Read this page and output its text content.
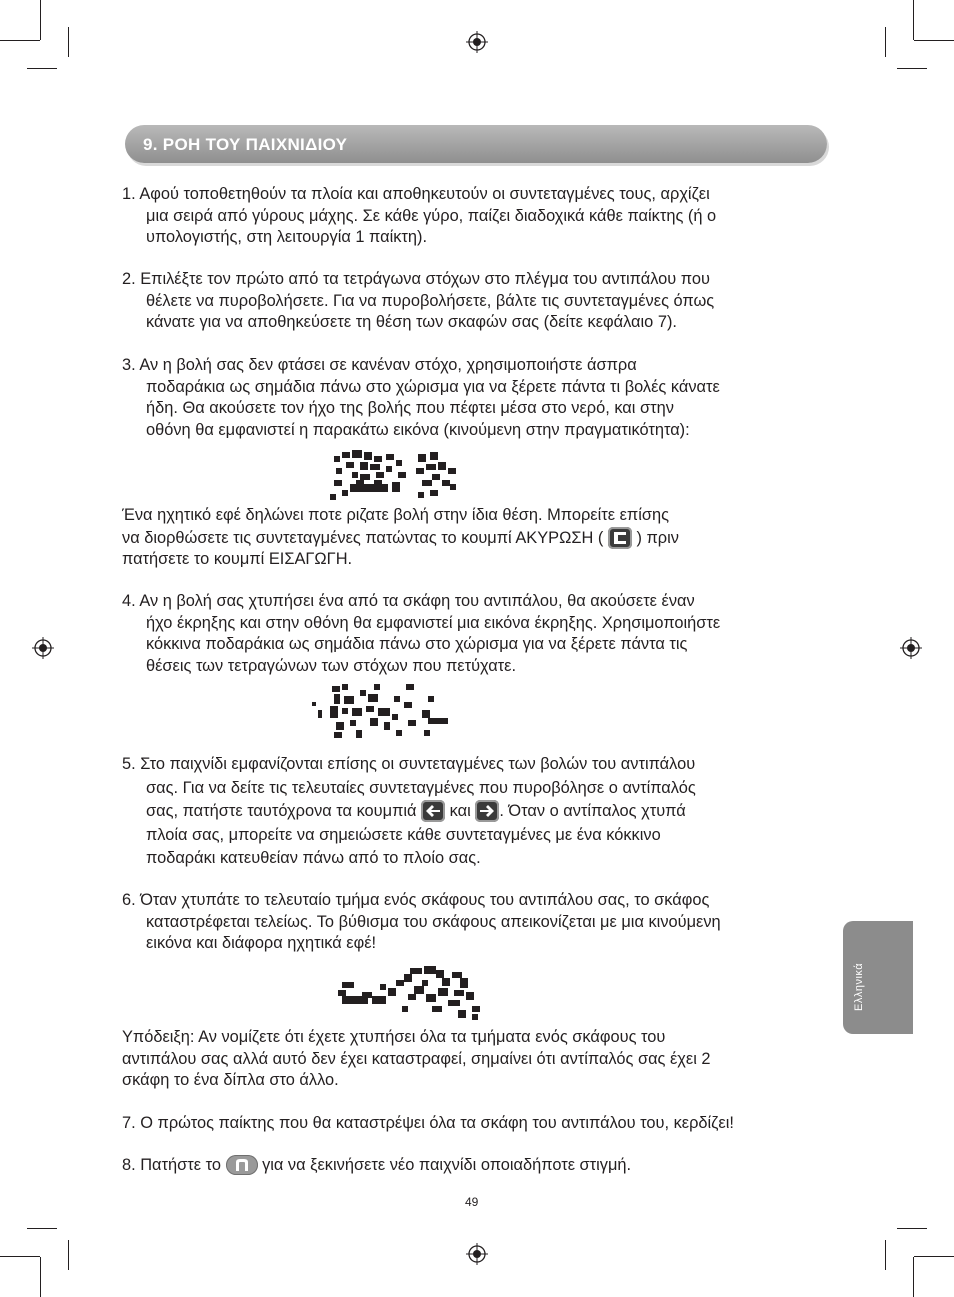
9. ΡΟΗ ΤΟΥ ΠΑΙΧΝΙΔΙΟΥ
1. Αφού τοποθετηθούν τα πλοία και αποθηκευτούν οι συντεταγμένες τους, αρχίζει
μια σειρά από γύρους μάχης. Σε κάθε γύρο, παίζει διαδοχικά κάθε παίκτης (ή ο
υπολογιστής, στη λειτουργία 1 παίκτη).
2. Επιλέξτε τον πρώτο από τα τετράγωνα στόχων στο πλέγμα του αντιπάλου που
θέλετε να πυροβολήσετε. Για να πυροβολήσετε, βάλτε τις συντεταγμένες όπως
κάνατε για να αποθηκεύσετε τη θέση των σκαφών σας (δείτε κεφάλαιο 7).
3. Αν η βολή σας δεν φτάσει σε κανέναν στόχο, χρησιμοποιήστε άσπρα
ποδαράκια ως σημάδια πάνω στο χώρισμα για να ξέρετε πάντα τι βολές κάνατε
ήδη. Θα ακούσετε τον ήχο της βολής που πέφτει μέσα στο νερό, και στην
οθόνη θα εμφανιστεί η παρακάτω εικόνα (κινούμενη στην πραγματικότητα):
Ένα ηχητικό εφέ δηλώνει ποτε ριζατε βολή στην ίδια θέση. Μπορείτε επίσης
να διορθώσετε τις συντεταγμένες πατώντας το κουμπί ΑΚΥΡΩΣΗ ( ) πριν
πατήσετε το κουμπί ΕΙΣΑΓΩΓΗ.
4. Αν η βολή σας χτυπήσει ένα από τα σκάφη του αντιπάλου, θα ακούσετε έναν
ήχο έκρηξης και στην οθόνη θα εμφανιστεί μια εικόνα έκρηξης. Χρησιμοποιήστε
κόκκινα ποδαράκια ως σημάδια πάνω στο χώρισμα για να ξέρετε πάντα τις
θέσεις των τετραγώνων των στόχων που πετύχατε.
5. Στο παιχνίδι εμφανίζονται επίσης οι συντεταγμένες των βολών του αντιπάλου
σας. Για να δείτε τις τελευταίες συντεταγμένες που πυροβόλησε ο αντίπαλός
σας, πατήστε ταυτόχρονα τα κουμπιά και . Όταν ο αντίπαλος χτυπά
πλοία σας, μπορείτε να σημειώσετε κάθε συντεταγμένες με ένα κόκκινο
ποδαράκι κατευθείαν πάνω από το πλοίο σας.
6. Όταν χτυπάτε το τελευταίο τμήμα ενός σκάφους του αντιπάλου σας, το σκάφος
καταστρέφεται τελείως. Το βύθισμα του σκάφους απεικονίζεται με μια κινούμενη
εικόνα και διάφορα ηχητικά εφέ!
Υπόδειξη: Αν νομίζετε ότι έχετε χτυπήσει όλα τα τμήματα ενός σκάφους του
αντιπάλου σας αλλά αυτό δεν έχει καταστραφεί, σημαίνει ότι αντίπαλός σας έχει 2
σκάφη το ένα δίπλα στο άλλο.
7. Ο πρώτος παίκτης που θα καταστρέψει όλα τα σκάφη του αντιπάλου του, κερδίζει!
8. Πατήστε το	για να ξεκινήσετε νέο παιχνίδι οποιαδήποτε στιγμή.
Ελληνικά
49
